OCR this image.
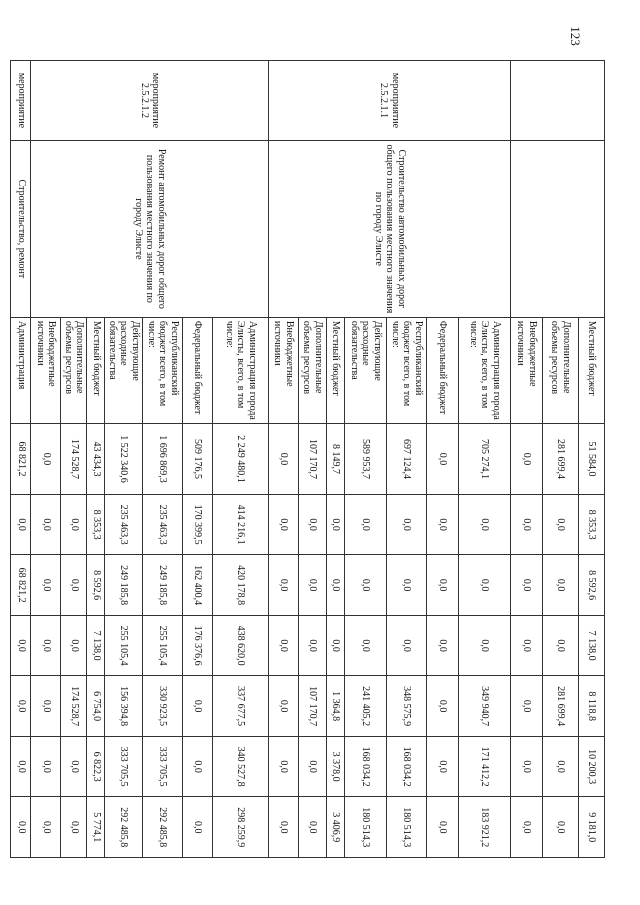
123
		Местный бюджет	51 584,0	8 353,3	8 592,6	7 138,0	8 118,8	10 200,3	9 181,0
		Дополнительные объемы ресурсов	281 699,4	0,0	0,0	0,0	281 699,4	0,0	0,0
		Внебюджетные источники	0,0	0,0	0,0	0,0	0,0	0,0	0,0
мероприятие 2.5.2.1.1	Строительство автомобильных дорог общего пользования местного значения по городу Элисте	Администрация города Элисты, всего, в том числе:	705 274,1	0,0	0,0	0,0	349 940,7	171 412,2	183 921,2
		Федеральный бюджет	0,0	0,0	0,0	0,0	0,0	0,0	0,0
		Республиканский бюджет всего, в том числе:	697 124,4	0,0	0,0	0,0	348 575,9	168 034,2	180 514,3
		Действующие расходные обязательства	589 953,7	0,0	0,0	0,0	241 405,2	168 034,2	180 514,3
		Местный бюджет	8 149,7	0,0	0,0	0,0	1 364,8	3 378,0	3 406,9
		Дополнительные объемы ресурсов	107 170,7	0,0	0,0	0,0	107 170,7	0,0	0,0
		Внебюджетные источники	0,0	0,0	0,0	0,0	0,0	0,0	0,0
мероприятие 2.5.2.1.2	Ремонт автомобильных дорог общего пользования местного значения по городу Элисте	Администрация города Элисты, всего, в том числе:	2 249 480,1	414 216,1	420 178,8	438 620,0	337 677,5	340 527,8	298 259,9
		Федеральный бюджет	509 176,5	170 399,5	162 400,4	176 376,6	0,0	0,0	0,0
		Республиканский бюджет всего, в том числе:	1 696 869,3	235 463,3	249 185,8	255 105,4	330 923,5	333 705,5	292 485,8
		Действующие расходные обязательства	1 522 340,6	235 463,3	249 185,8	255 105,4	156 394,8	333 705,5	292 485,8
		Местный бюджет	43 434,3	8 353,3	8 592,6	7 138,0	6 754,0	6 822,3	5 774,1
		Дополнительные объемы ресурсов	174 528,7	0,0	0,0	0,0	174 528,7	0,0	0,0
		Внебюджетные источники	0,0	0,0	0,0	0,0	0,0	0,0	0,0
мероприятие	Строительство, ремонт	Администрация	68 821,2	0,0	68 821,2	0,0	0,0	0,0	0,0
